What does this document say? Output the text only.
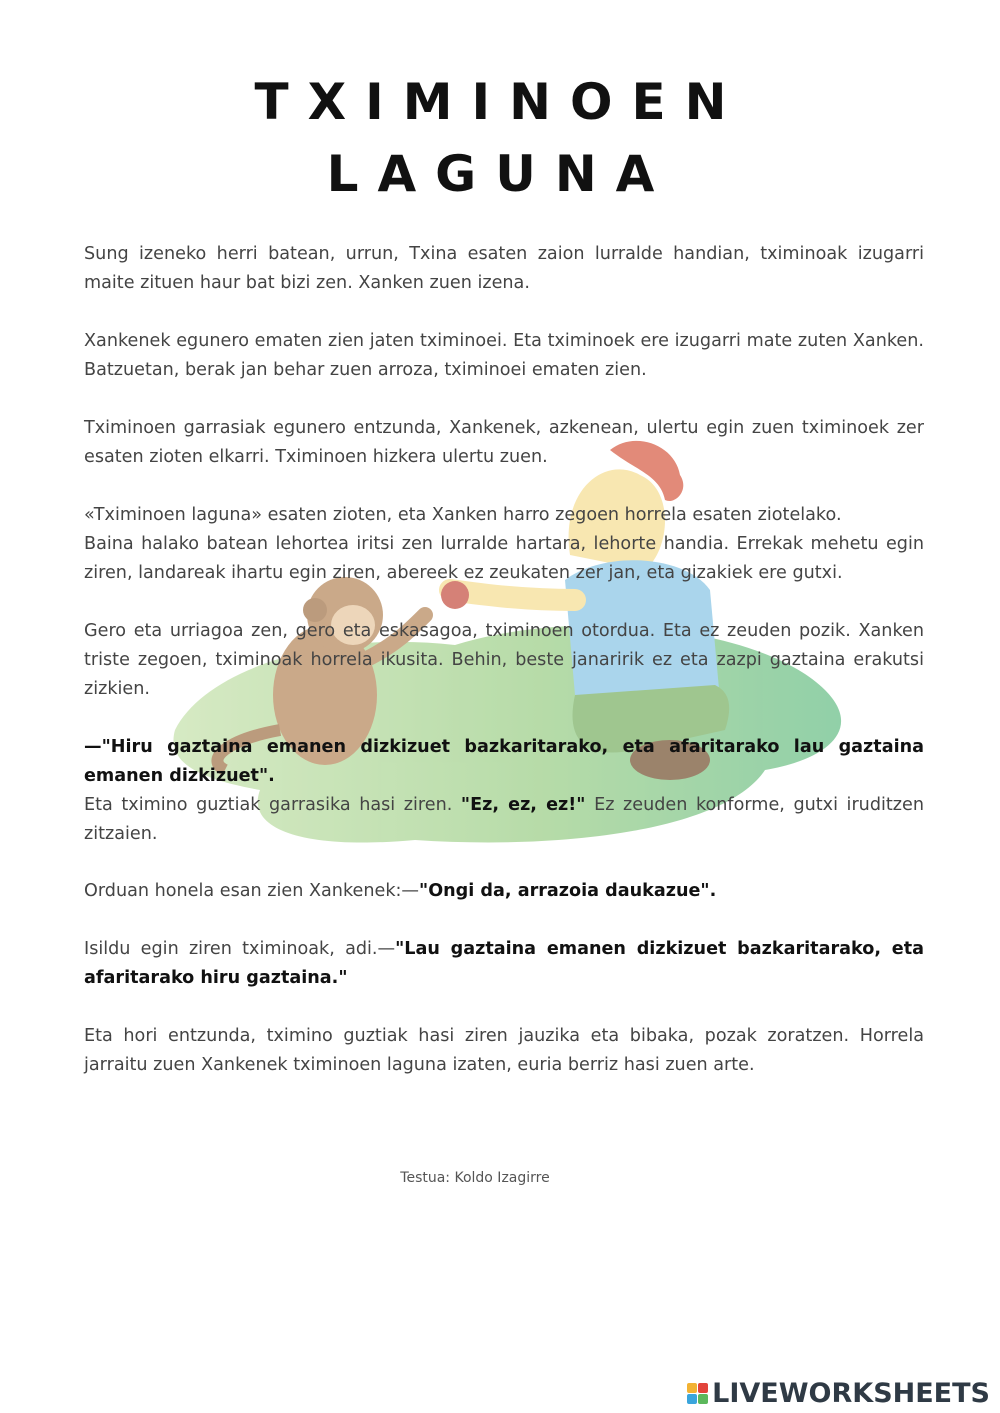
TXIMINOEN
LAGUNA

Sung izeneko herri batean, urrun, Txina esaten zaion lurralde handian, tximinoak izugarri maite zituen haur bat bizi zen. Xanken zuen izena.

Xankenek egunero ematen zien jaten tximinoei. Eta tximinoek ere izugarri mate zuten Xanken. Batzuetan, berak jan behar zuen arroza, tximinoei ematen zien.

Tximinoen garrasiak egunero entzunda, Xankenek, azkenean, ulertu egin zuen tximinoek zer esaten zioten elkarri. Tximinoen hizkera ulertu zuen.

«Tximinoen laguna» esaten zioten, eta Xanken harro zegoen horrela esaten ziotelako.

Baina halako batean lehortea iritsi zen lurralde hartara, lehorte handia. Errekak mehetu egin ziren, landareak ihartu egin ziren, abereek ez zeukaten zer jan, eta gizakiek ere gutxi.

Gero eta urriagoa zen, gero eta eskasagoa, tximinoen otordua. Eta ez zeuden pozik. Xanken triste zegoen, tximinoak horrela ikusita. Behin, beste janaririk ez eta zazpi gaztaina erakutsi zizkien.

—"Hiru gaztaina emanen dizkizuet bazkaritarako, eta afaritarako lau gaztaina emanen dizkizuet".

Eta tximino guztiak garrasika hasi ziren. "Ez, ez, ez!" Ez zeuden konforme, gutxi iruditzen zitzaien.

Orduan honela esan zien Xankenek:—"Ongi da, arrazoia daukazue".

Isildu egin ziren tximinoak, adi.—"Lau gaztaina emanen dizkizuet bazkaritarako, eta afaritarako hiru gaztaina."

Eta hori entzunda, tximino guztiak hasi ziren jauzika eta bibaka, pozak zoratzen. Horrela jarraitu zuen Xankenek tximinoen laguna izaten, euria berriz hasi zuen arte.

Testua: Koldo Izagirre
LIVEWORKSHEETS
